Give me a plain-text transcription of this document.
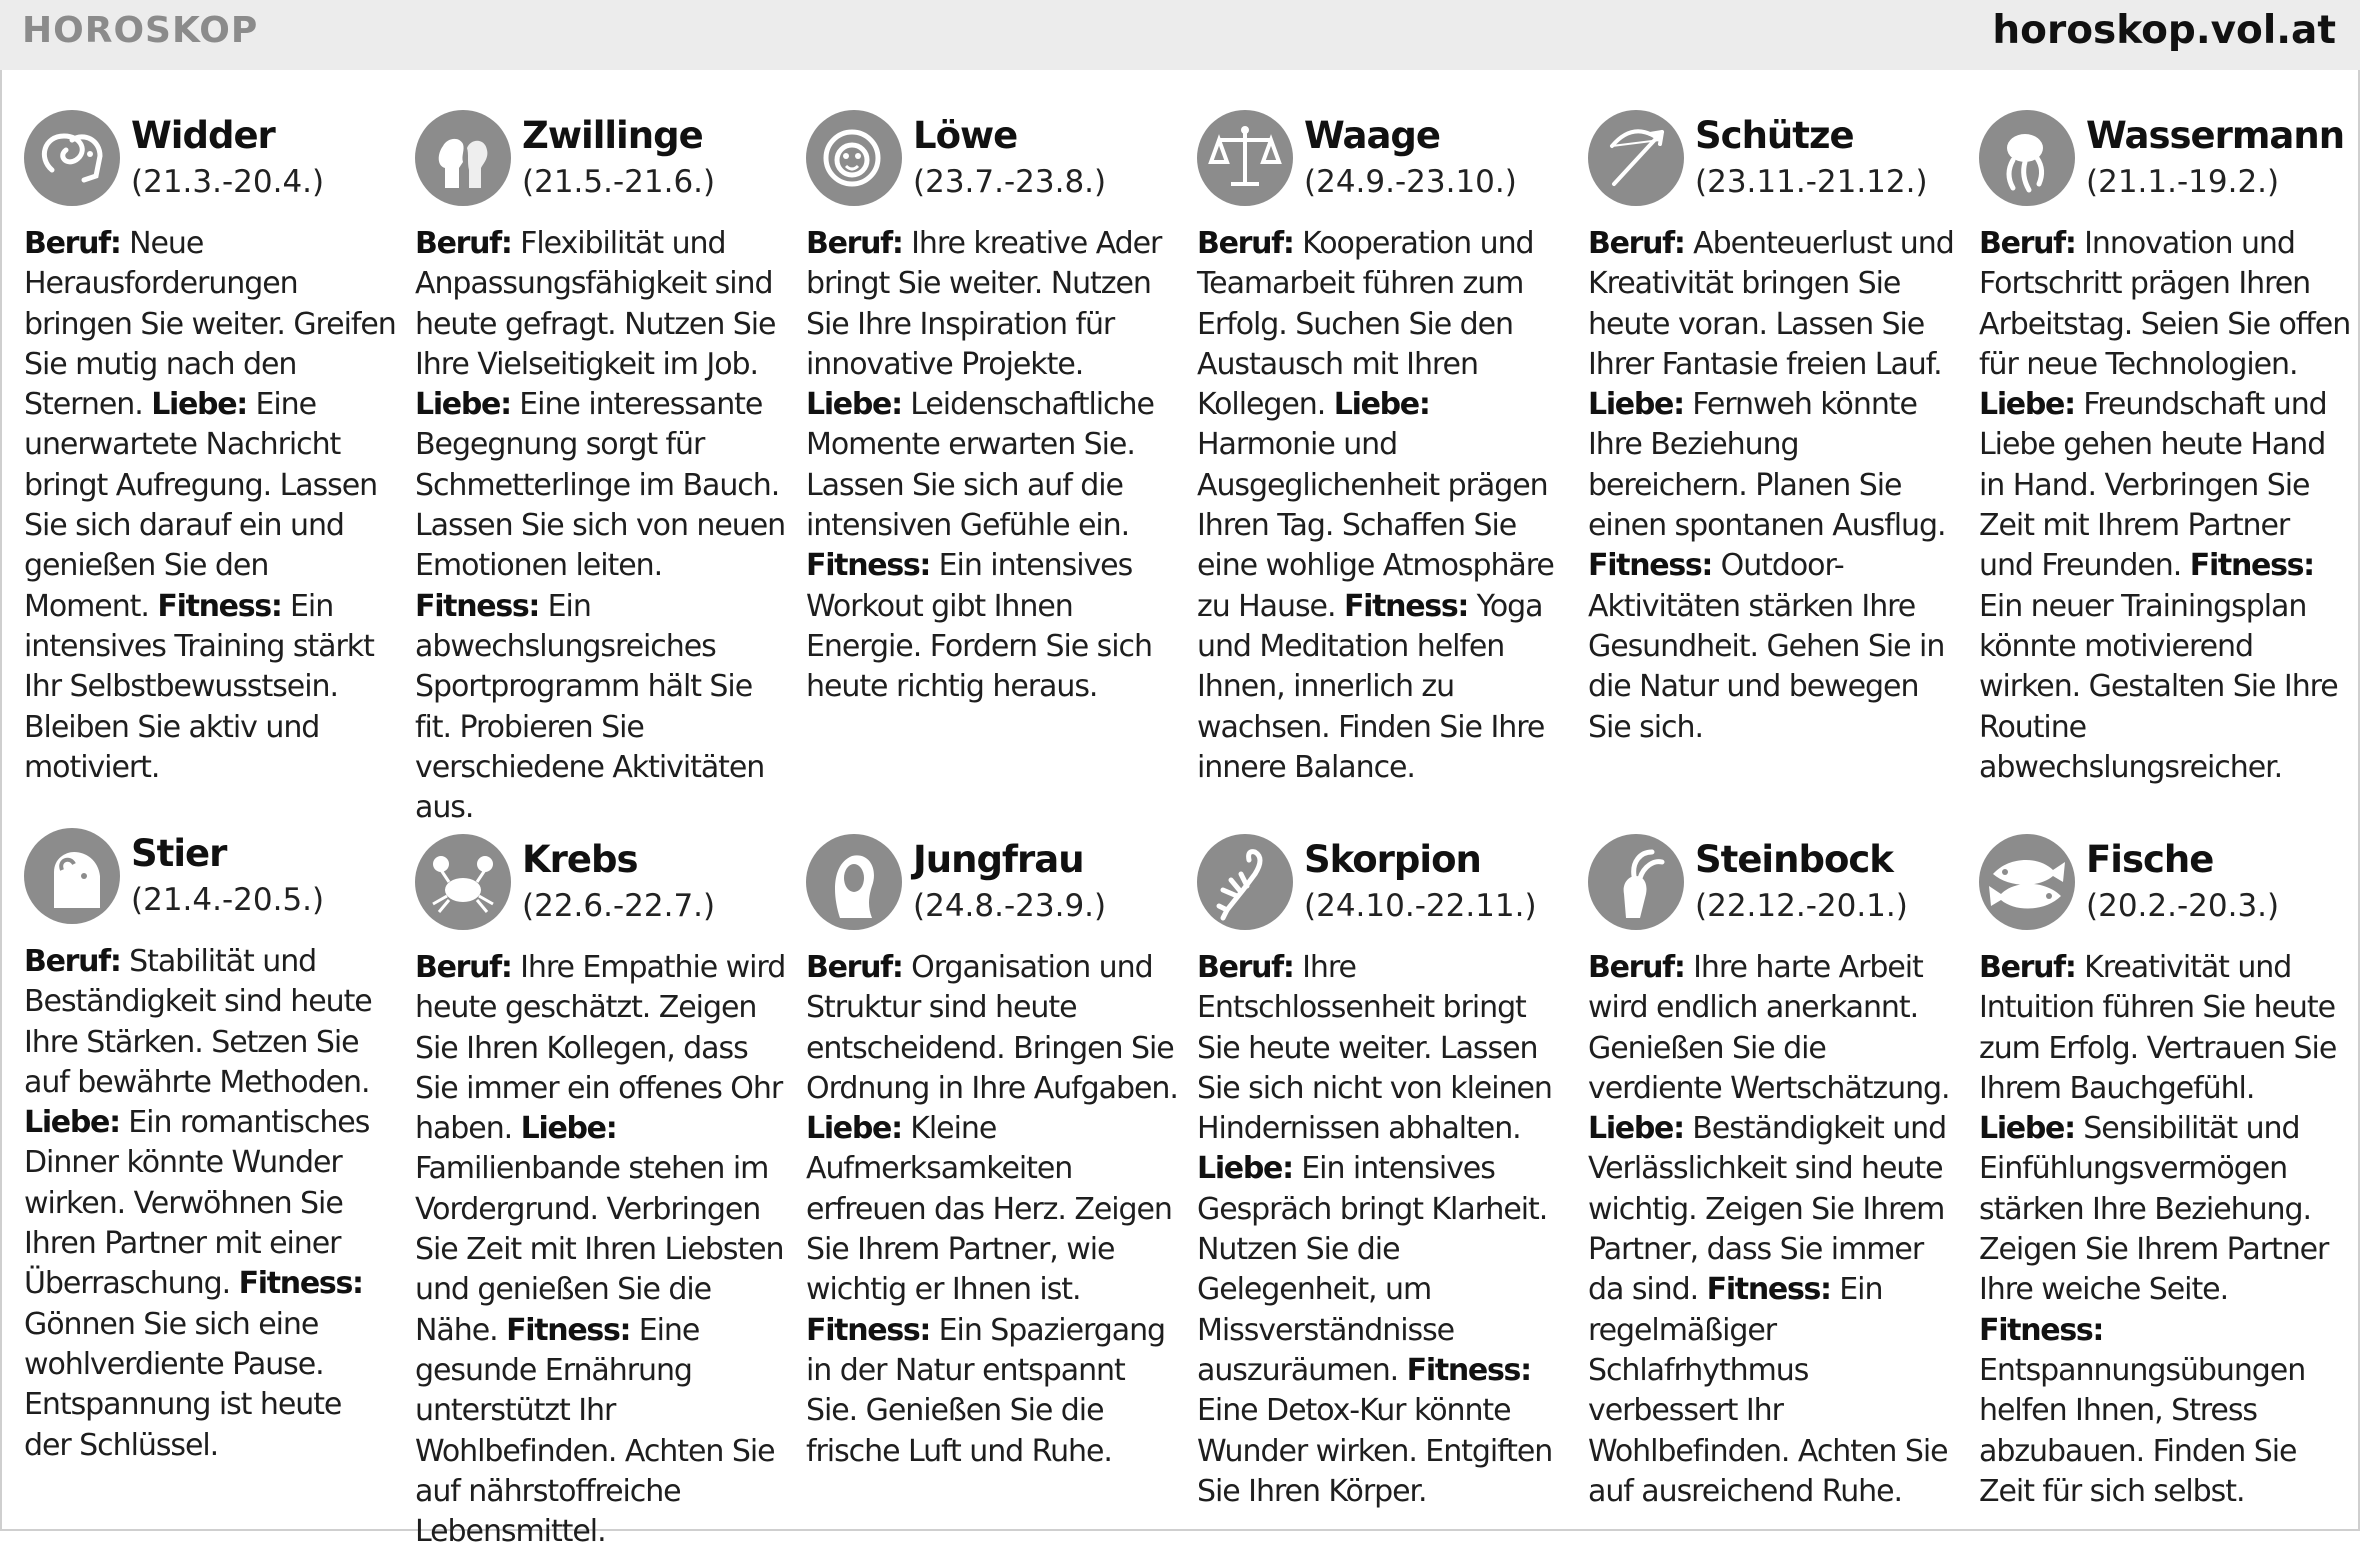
HOROSKOP	horoskop.vol.at
Widder
(21.3.-20.4.)
Beruf: Neue Herausforderungen bringen Sie weiter. Greifen Sie mutig nach den Sternen. Liebe: Eine unerwartete Nachricht bringt Aufregung. Lassen Sie sich darauf ein und genießen Sie den Moment. Fitness: Ein intensives Training stärkt Ihr Selbstbewusstsein. Bleiben Sie aktiv und motiviert.
Zwillinge
(21.5.-21.6.)
Beruf: Flexibilität und Anpassungsfähigkeit sind heute gefragt. Nutzen Sie Ihre Vielseitigkeit im Job. Liebe: Eine interessante Begegnung sorgt für Schmetterlinge im Bauch. Lassen Sie sich von neuen Emotionen leiten. Fitness: Ein abwechslungsreiches Sportprogramm hält Sie fit. Probieren Sie verschiedene Aktivitäten aus.
Löwe
(23.7.-23.8.)
Beruf: Ihre kreative Ader bringt Sie weiter. Nutzen Sie Ihre Inspiration für innovative Projekte. Liebe: Leidenschaftliche Momente erwarten Sie. Lassen Sie sich auf die intensiven Gefühle ein. Fitness: Ein intensives Workout gibt Ihnen Energie. Fordern Sie sich heute richtig heraus.
Waage
(24.9.-23.10.)
Beruf: Kooperation und Teamarbeit führen zum Erfolg. Suchen Sie den Austausch mit Ihren Kollegen. Liebe: Harmonie und Ausgeglichenheit prägen Ihren Tag. Schaffen Sie eine wohlige Atmosphäre zu Hause. Fitness: Yoga und Meditation helfen Ihnen, innerlich zu wachsen. Finden Sie Ihre innere Balance.
Schütze
(23.11.-21.12.)
Beruf: Abenteuerlust und Kreativität bringen Sie heute voran. Lassen Sie Ihrer Fantasie freien Lauf. Liebe: Fernweh könnte Ihre Beziehung bereichern. Planen Sie einen spontanen Ausflug. Fitness: Outdoor-Aktivitäten stärken Ihre Gesundheit. Gehen Sie in die Natur und bewegen Sie sich.
Wassermann
(21.1.-19.2.)
Beruf: Innovation und Fortschritt prägen Ihren Arbeitstag. Seien Sie offen für neue Technologien. Liebe: Freundschaft und Liebe gehen heute Hand in Hand. Verbringen Sie Zeit mit Ihrem Partner und Freunden. Fitness: Ein neuer Trainingsplan könnte motivierend wirken. Gestalten Sie Ihre Routine abwechslungsreicher.
Stier
(21.4.-20.5.)
Beruf: Stabilität und Beständigkeit sind heute Ihre Stärken. Setzen Sie auf bewährte Methoden. Liebe: Ein romantisches Dinner könnte Wunder wirken. Verwöhnen Sie Ihren Partner mit einer Überraschung. Fitness: Gönnen Sie sich eine wohlverdiente Pause. Entspannung ist heute der Schlüssel.
Krebs
(22.6.-22.7.)
Beruf: Ihre Empathie wird heute geschätzt. Zeigen Sie Ihren Kollegen, dass Sie immer ein offenes Ohr haben. Liebe: Familienbande stehen im Vordergrund. Verbringen Sie Zeit mit Ihren Liebsten und genießen Sie die Nähe. Fitness: Eine gesunde Ernährung unterstützt Ihr Wohlbefinden. Achten Sie auf nährstoffreiche Lebensmittel.
Jungfrau
(24.8.-23.9.)
Beruf: Organisation und Struktur sind heute entscheidend. Bringen Sie Ordnung in Ihre Aufgaben. Liebe: Kleine Aufmerksamkeiten erfreuen das Herz. Zeigen Sie Ihrem Partner, wie wichtig er Ihnen ist. Fitness: Ein Spaziergang in der Natur entspannt Sie. Genießen Sie die frische Luft und Ruhe.
Skorpion
(24.10.-22.11.)
Beruf: Ihre Entschlossenheit bringt Sie heute weiter. Lassen Sie sich nicht von kleinen Hindernissen abhalten. Liebe: Ein intensives Gespräch bringt Klarheit. Nutzen Sie die Gelegenheit, um Missverständnisse auszuräumen. Fitness: Eine Detox-Kur könnte Wunder wirken. Entgiften Sie Ihren Körper.
Steinbock
(22.12.-20.1.)
Beruf: Ihre harte Arbeit wird endlich anerkannt. Genießen Sie die verdiente Wertschätzung. Liebe: Beständigkeit und Verlässlichkeit sind heute wichtig. Zeigen Sie Ihrem Partner, dass Sie immer da sind. Fitness: Ein regelmäßiger Schlafrhythmus verbessert Ihr Wohlbefinden. Achten Sie auf ausreichend Ruhe.
Fische
(20.2.-20.3.)
Beruf: Kreativität und Intuition führen Sie heute zum Erfolg. Vertrauen Sie Ihrem Bauchgefühl. Liebe: Sensibilität und Einfühlungsvermögen stärken Ihre Beziehung. Zeigen Sie Ihrem Partner Ihre weiche Seite. Fitness: Entspannungsübungen helfen Ihnen, Stress abzubauen. Finden Sie Zeit für sich selbst.
